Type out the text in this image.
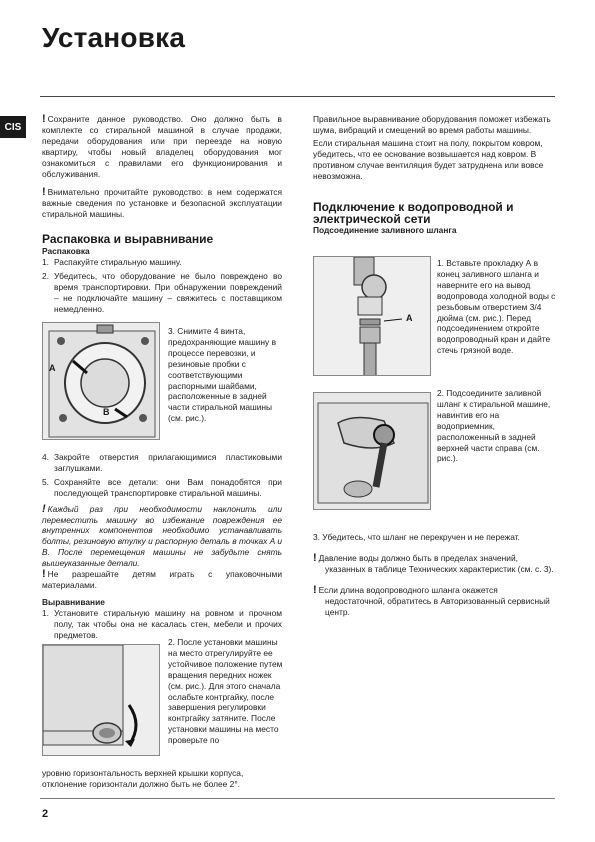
Установка
CIS

! Сохраните данное руководство. Оно должно быть в комплекте со стиральной машиной в случае продажи, передачи оборудования или при переезде на новую квартиру, чтобы новый владелец оборудования мог ознакомиться с правилами его функционирования и обслуживания.

! Внимательно прочитайте руководство: в нем содержатся важные сведения по установке и безопасной эксплуатации стиральной машины.

Распаковка и выравнивание

Распаковка

1. Распакуйте стиральную машину.
2. Убедитесь, что оборудование не было повреждено во время транспортировки. При обнаружении повреждений – не подключайте машину – свяжитесь с поставщиком немедленно.
A
B
3. Снимите 4 винта, предохраняющие машину в процессе перевозки, и резиновые пробки с соответствующими распорными шайбами, расположенные в задней части стиральной машины (см. рис.).
4. Закройте отверстия прилагающимися пластиковыми заглушками.
5. Сохраняйте все детали: они Вам понадобятся при последующей транспортировке стиральной машины.

! Каждый раз при необходимости наклонить или переместить машину во избежание повреждения ее внутренних компонентов необходимо устанавливать болты, резиновую втулку и распорную деталь в точках A и B. После перемещения машины не забудьте снять вышеуказанные детали.

! Не разрешайте детям играть с упаковочными материалами.

Выравнивание

1. Установите стиральную машину на ровном и прочном полу, так чтобы она не касалась стен, мебели и прочих предметов.
2. После установки машины на место отрегулируйте ее устойчивое положение путем вращения передних ножек (см. рис.). Для этого сначала ослабьте контргайку, после завершения регулировки контргайку затяните. После установки машины на место проверьте по
уровню горизонтальность верхней крышки корпуса, отклонение горизонтали должно быть не более 2°.

Правильное выравнивание оборудования поможет избежать шума, вибраций и смещений во время работы машины.

Если стиральная машина стоит на полу, покрытом ковром, убедитесь, что ее основание возвышается над ковром. В противном случае вентиляция будет затруднена или вовсе невозможна.

Подключение к водопроводной и электрической сети

Подсоединение заливного шланга

A
1. Вставьте прокладку А в конец заливного шланга и наверните его на вывод водопровода холодной воды с резьбовым отверстием 3/4 дюйма (см. рис.). Перед подсоединением откройте водопроводный кран и дайте стечь грязной воде.
2. Подсоедините заливной шланг к стиральной машине, навинтив его на водоприемник, расположенный в задней верхней части справа (см. рис.).

3. Убедитесь, что шланг не перекручен и не пережат.

! Давление воды должно быть в пределах значений, указанных в таблице Технических характеристик (см. с. 3).

! Если длина водопроводного шланга окажется недостаточной, обратитесь в Авторизованный сервисный центр.

2
